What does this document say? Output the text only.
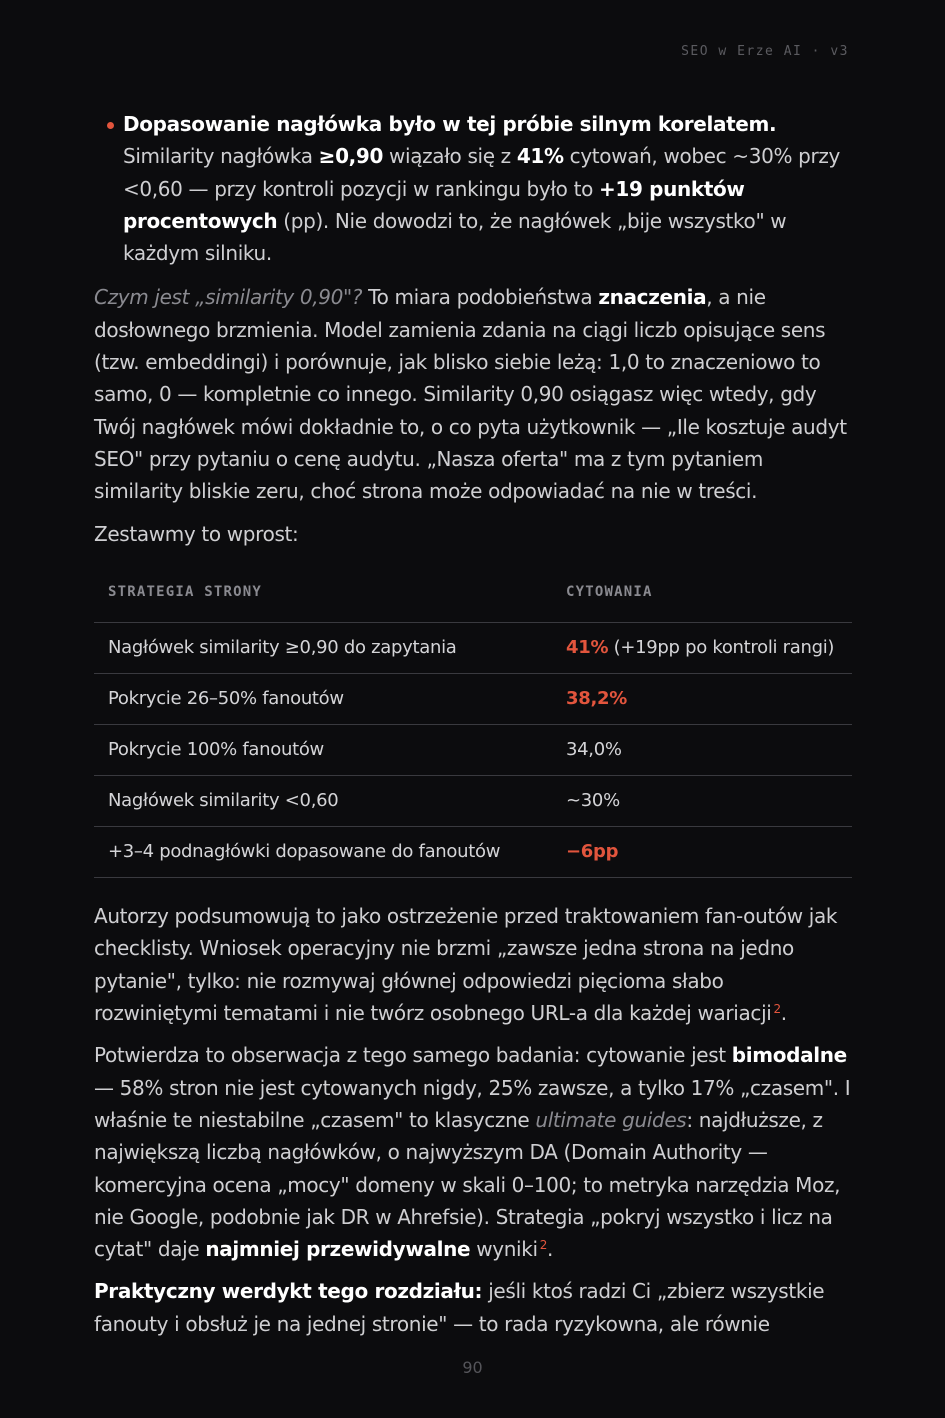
SEO w Erze AI · v3
Dopasowanie nagłówka było w tej próbie silnym korelatem. Similarity nagłówka ≥0,90 wiązało się z 41% cytowań, wobec ~30% przy <0,60 — przy kontroli pozycji w rankingu było to +19 punktów procentowych (pp). Nie dowodzi to, że nagłówek „bije wszystko" w każdym silniku.

Czym jest „similarity 0,90"? To miara podobieństwa znaczenia, a nie dosłownego brzmienia. Model zamienia zdania na ciągi liczb opisujące sens (tzw. embeddingi) i porównuje, jak blisko siebie leżą: 1,0 to znaczeniowo to samo, 0 — kompletnie co innego. Similarity 0,90 osiągasz więc wtedy, gdy Twój nagłówek mówi dokładnie to, o co pyta użytkownik — „Ile kosztuje audyt SEO" przy pytaniu o cenę audytu. „Nasza oferta" ma z tym pytaniem similarity bliskie zeru, choć strona może odpowiadać na nie w treści.

Zestawmy to wprost:

STRATEGIA STRONY	CYTOWANIA
Nagłówek similarity ≥0,90 do zapytania	41% (+19pp po kontroli rangi)
Pokrycie 26–50% fanoutów	38,2%
Pokrycie 100% fanoutów	34,0%
Nagłówek similarity <0,60	~30%
+3–4 podnagłówki dopasowane do fanoutów	−6pp

Autorzy podsumowują to jako ostrzeżenie przed traktowaniem fan-outów jak checklisty. Wniosek operacyjny nie brzmi „zawsze jedna strona na jedno pytanie", tylko: nie rozmywaj głównej odpowiedzi pięcioma słabo rozwiniętymi tematami i nie twórz osobnego URL-a dla każdej wariacji $^2$.

Potwierdza to obserwacja z tego samego badania: cytowanie jest bimodalne — 58% stron nie jest cytowanych nigdy, 25% zawsze, a tylko 17% „czasem". I właśnie te niestabilne „czasem" to klasyczne ultimate guides: najdłuższe, z największą liczbą nagłówków, o najwyższym DA (Domain Authority — komercyjna ocena „mocy" domeny w skali 0–100; to metryka narzędzia Moz, nie Google, podobnie jak DR w Ahrefsie). Strategia „pokryj wszystko i licz na cytat" daje najmniej przewidywalne wyniki $^2$.

Praktyczny werdykt tego rozdziału: jeśli ktoś radzi Ci „zbierz wszystkie fanouty i obsłuż je na jednej stronie" — to rada ryzykowna, ale równie

90
